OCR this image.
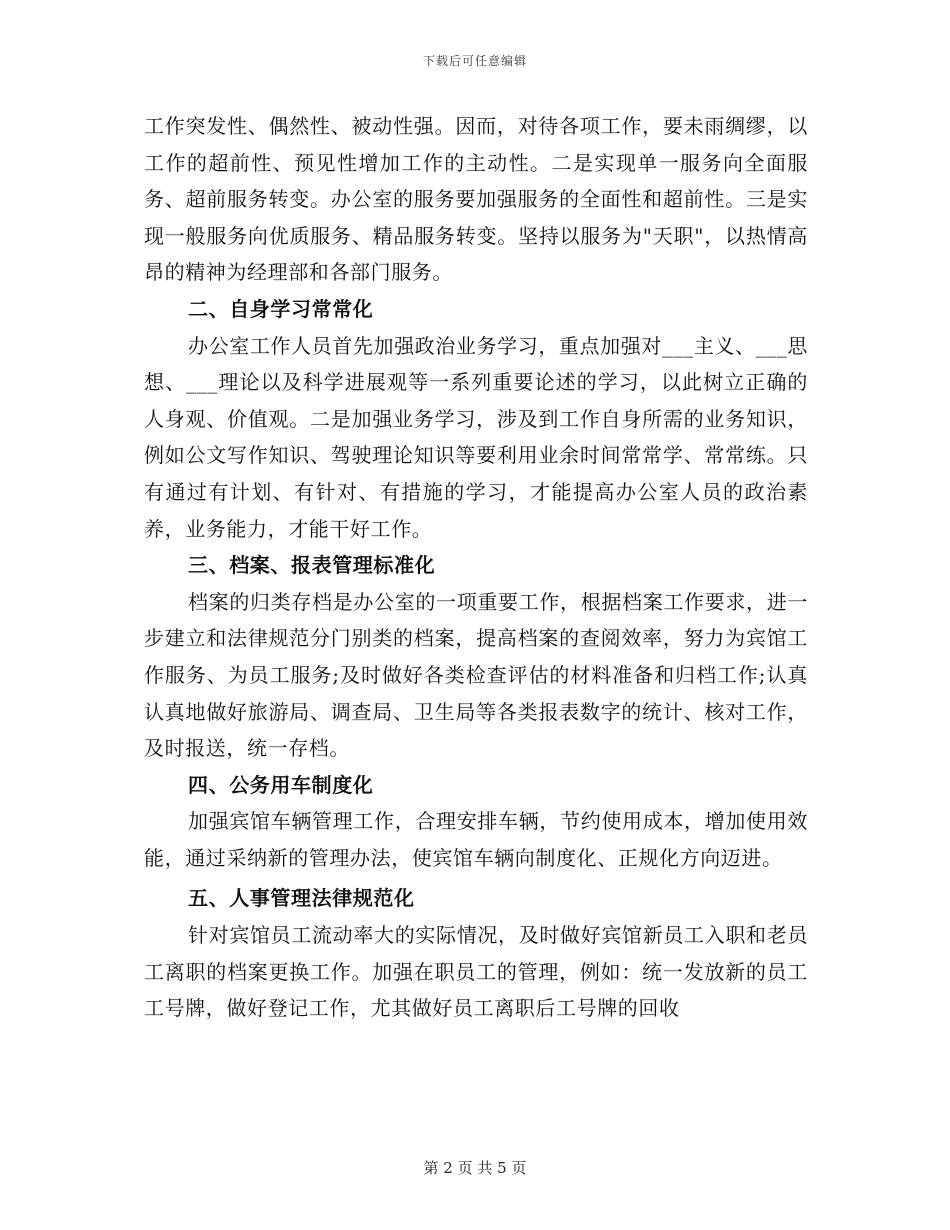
下载后可任意编辑

工作突发性、偶然性、被动性强。因而，对待各项工作，要未雨绸缪，以工作的超前性、预见性增加工作的主动性。二是实现单一服务向全面服务、超前服务转变。办公室的服务要加强服务的全面性和超前性。三是实现一般服务向优质服务、精品服务转变。坚持以服务为"天职"，以热情高昂的精神为经理部和各部门服务。

二、自身学习常常化

办公室工作人员首先加强政治业务学习，重点加强对___主义、___思想、___理论以及科学进展观等一系列重要论述的学习，以此树立正确的人身观、价值观。二是加强业务学习，涉及到工作自身所需的业务知识，例如公文写作知识、驾驶理论知识等要利用业余时间常常学、常常练。只有通过有计划、有针对、有措施的学习，才能提高办公室人员的政治素养，业务能力，才能干好工作。

三、档案、报表管理标准化

档案的归类存档是办公室的一项重要工作，根据档案工作要求，进一步建立和法律规范分门别类的档案，提高档案的查阅效率，努力为宾馆工作服务、为员工服务;及时做好各类检查评估的材料准备和归档工作;认真认真地做好旅游局、调查局、卫生局等各类报表数字的统计、核对工作，及时报送，统一存档。

四、公务用车制度化

加强宾馆车辆管理工作，合理安排车辆，节约使用成本，增加使用效能，通过采纳新的管理办法，使宾馆车辆向制度化、正规化方向迈进。

五、人事管理法律规范化

针对宾馆员工流动率大的实际情况，及时做好宾馆新员工入职和老员工离职的档案更换工作。加强在职员工的管理，例如：统一发放新的员工工号牌，做好登记工作，尤其做好员工离职后工号牌的回收

第 2 页 共 5 页
